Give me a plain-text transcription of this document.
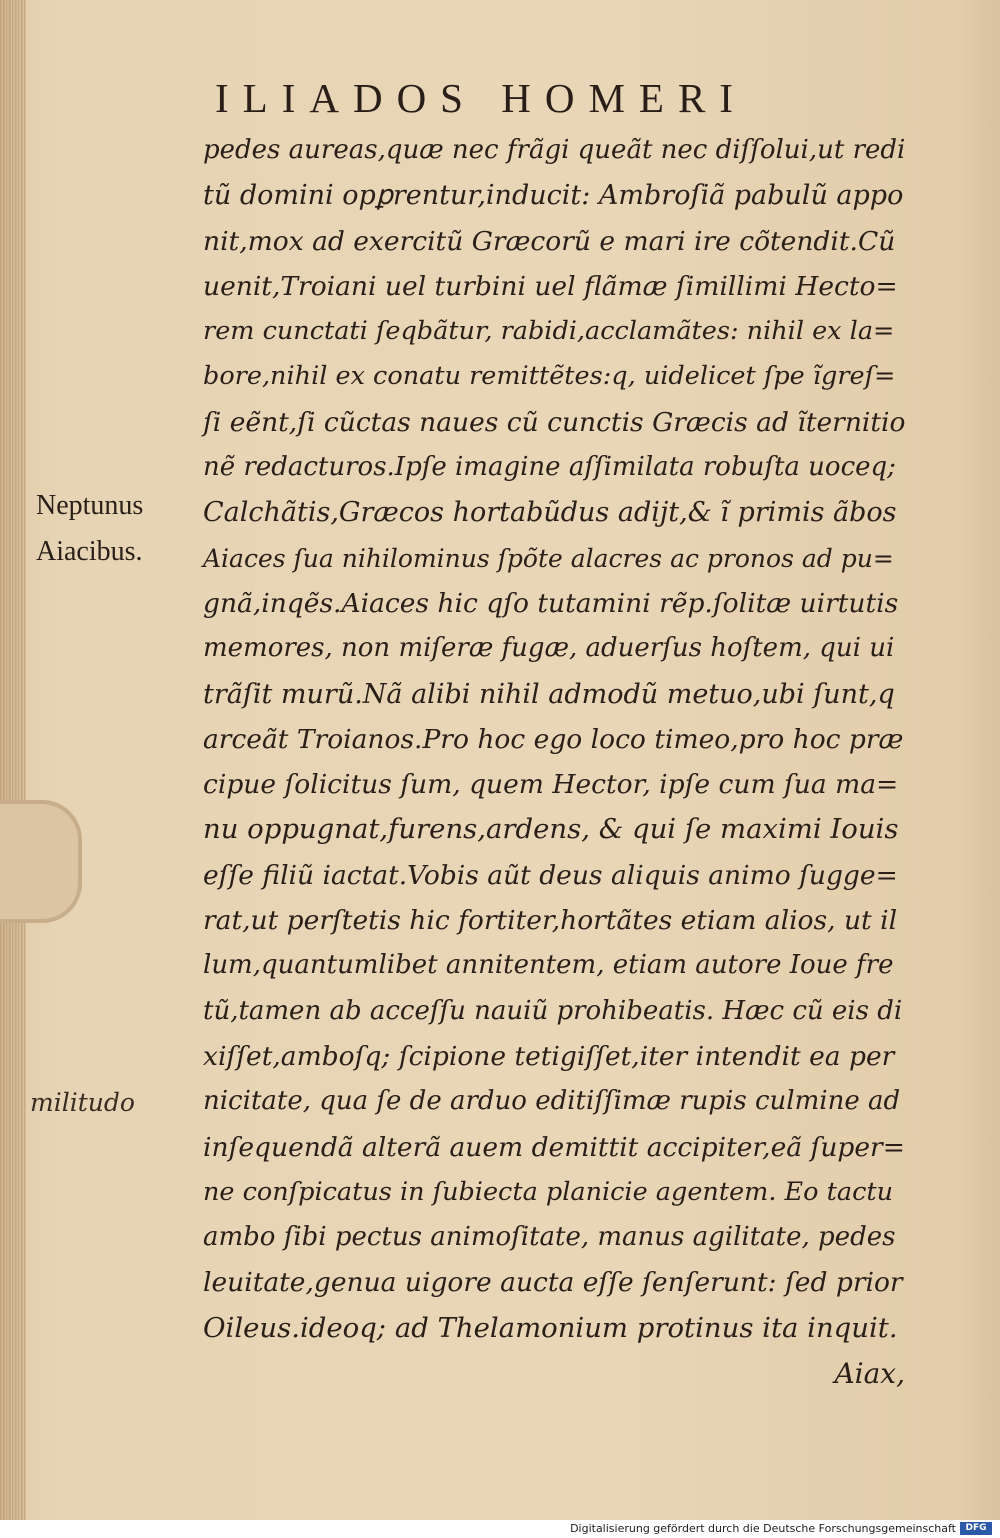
ILIADOS HOMERI
Neptunus
Aiacibus.
militudo
pedes aureas,quæ nec frãgi queãt nec diſſolui,ut redi
tũ domini opꝑrentur,inducit: Ambroſiã pabulũ appo
nit,mox ad exercitũ Græcorũ e mari ire cõtendit.Cũ
uenit,Troiani uel turbini uel flãmæ ſimillimi Hecto=
rem cunctati ſeqbãtur, rabidi,acclamãtes: nihil ex la=
bore,nihil ex conatu remittẽtes:q, uidelicet ſpe ĩgreſ=
ſi eẽnt,ſi cũctas naues cũ cunctis Græcis ad ĩternitio
nẽ redacturos.Ipſe imagine aſſimilata robuſta uoceq;
Calchãtis,Græcos hortabũdus adijt,& ĩ primis ãbos
Aiaces ſua nihilominus ſpõte alacres ac pronos ad pu=
gnã,inqẽs.Aiaces hic qſo tutamini rẽp.ſolitæ uirtutis
memores, non miſeræ fugæ, aduerſus hoſtem, qui ui
trãſit murũ.Nã alibi nihil admodũ metuo,ubi ſunt,q
arceãt Troianos.Pro hoc ego loco timeo,pro hoc præ
cipue ſolicitus ſum, quem Hector, ipſe cum ſua ma=
nu oppugnat,furens,ardens, & qui ſe maximi Iouis
eſſe filiũ iactat.Vobis aũt deus aliquis animo ſugge=
rat,ut perſtetis hic fortiter,hortãtes etiam alios, ut il
lum,quantumlibet annitentem, etiam autore Ioue fre
tũ,tamen ab acceſſu nauiũ prohibeatis. Hæc cũ eis di
xiſſet,amboſq; ſcipione tetigiſſet,iter intendit ea per
nicitate, qua ſe de arduo editiſſimæ rupis culmine ad
inſequendã alterã auem demittit accipiter,eã ſuper=
ne conſpicatus in ſubiecta planicie agentem. Eo tactu
ambo ſibi pectus animoſitate, manus agilitate, pedes
leuitate,genua uigore aucta eſſe ſenſerunt: ſed prior
Oileus.ideoq; ad Thelamonium protinus ita inquit.
Aiax,
Digitalisierung gefördert durch die Deutsche Forschungsgemeinschaft	DFG
